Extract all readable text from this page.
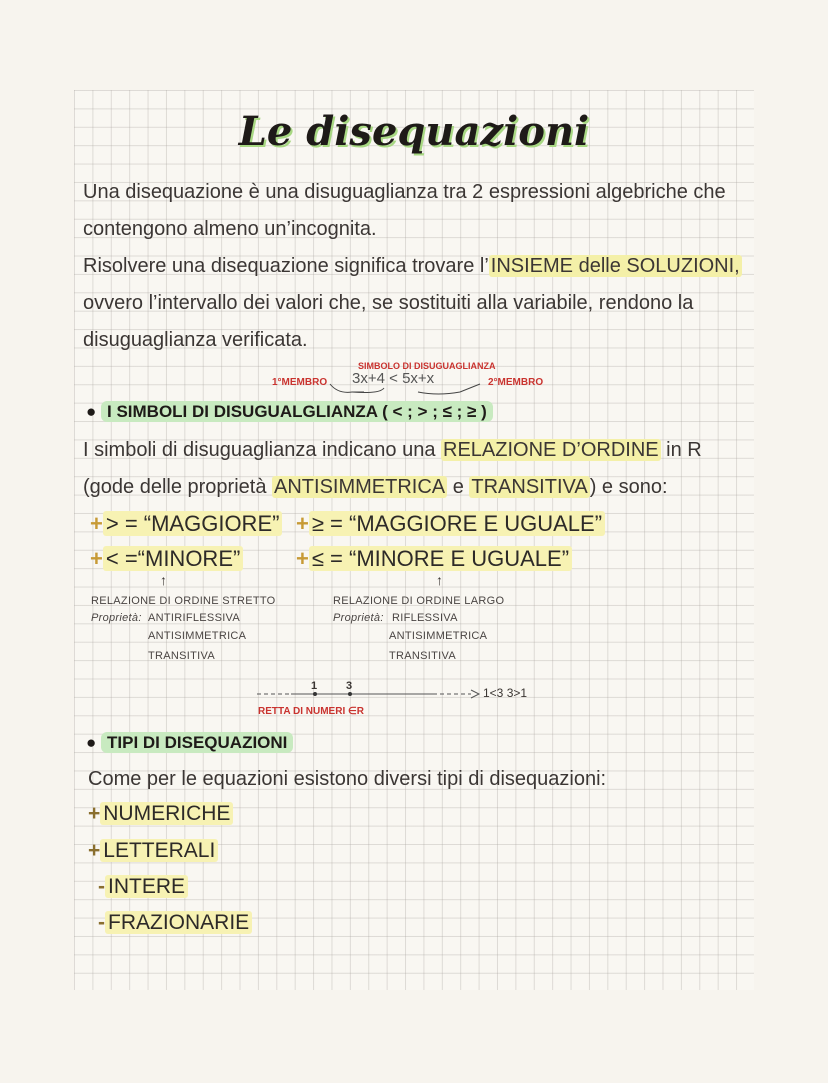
Le disequazioni
Una disequazione è una disuguaglianza tra 2 espressioni algebriche che
contengono almeno un’incognita.
Risolvere una disequazione significa trovare l’ INSIEME delle SOLUZIONI,
ovvero l’intervallo dei valori che, se sostituiti alla variabile, rendono la
disuguaglianza verificata.
SIMBOLO DI DISUGUAGLIANZA
1°MEMBRO 3x+4 < 5x+x	2°MEMBRO
● I SIMBOLI DI DISUGUALGLIANZA ( < ; > ; ≤ ; ≥ )
I simboli di disuguaglianza indicano una RELAZIONE D’ORDINE in R
(gode delle proprietà ANTISIMMETRICA e TRANSITIVA ) e sono:
+ > = “MAGGIORE” + ≥ = “MAGGIORE E UGUALE”
+ < =“MINORE”	+ ≤ = “MINORE E UGUALE”
↑	↑
RELAZIONE DI ORDINE STRETTO
Proprietà: ANTIRIFLESSIVA
ANTISIMMETRICA
TRANSITIVA
RELAZIONE DI ORDINE LARGO
Proprietà: RIFLESSIVA
ANTISIMMETRICA
TRANSITIVA
1	3
RETTA DI NUMERI ∈R
1<3 3>1
● TIPI DI DISEQUAZIONI
Come per le equazioni esistono diversi tipi di disequazioni:
+ NUMERICHE
+ LETTERALI
- INTERE
- FRAZIONARIE
